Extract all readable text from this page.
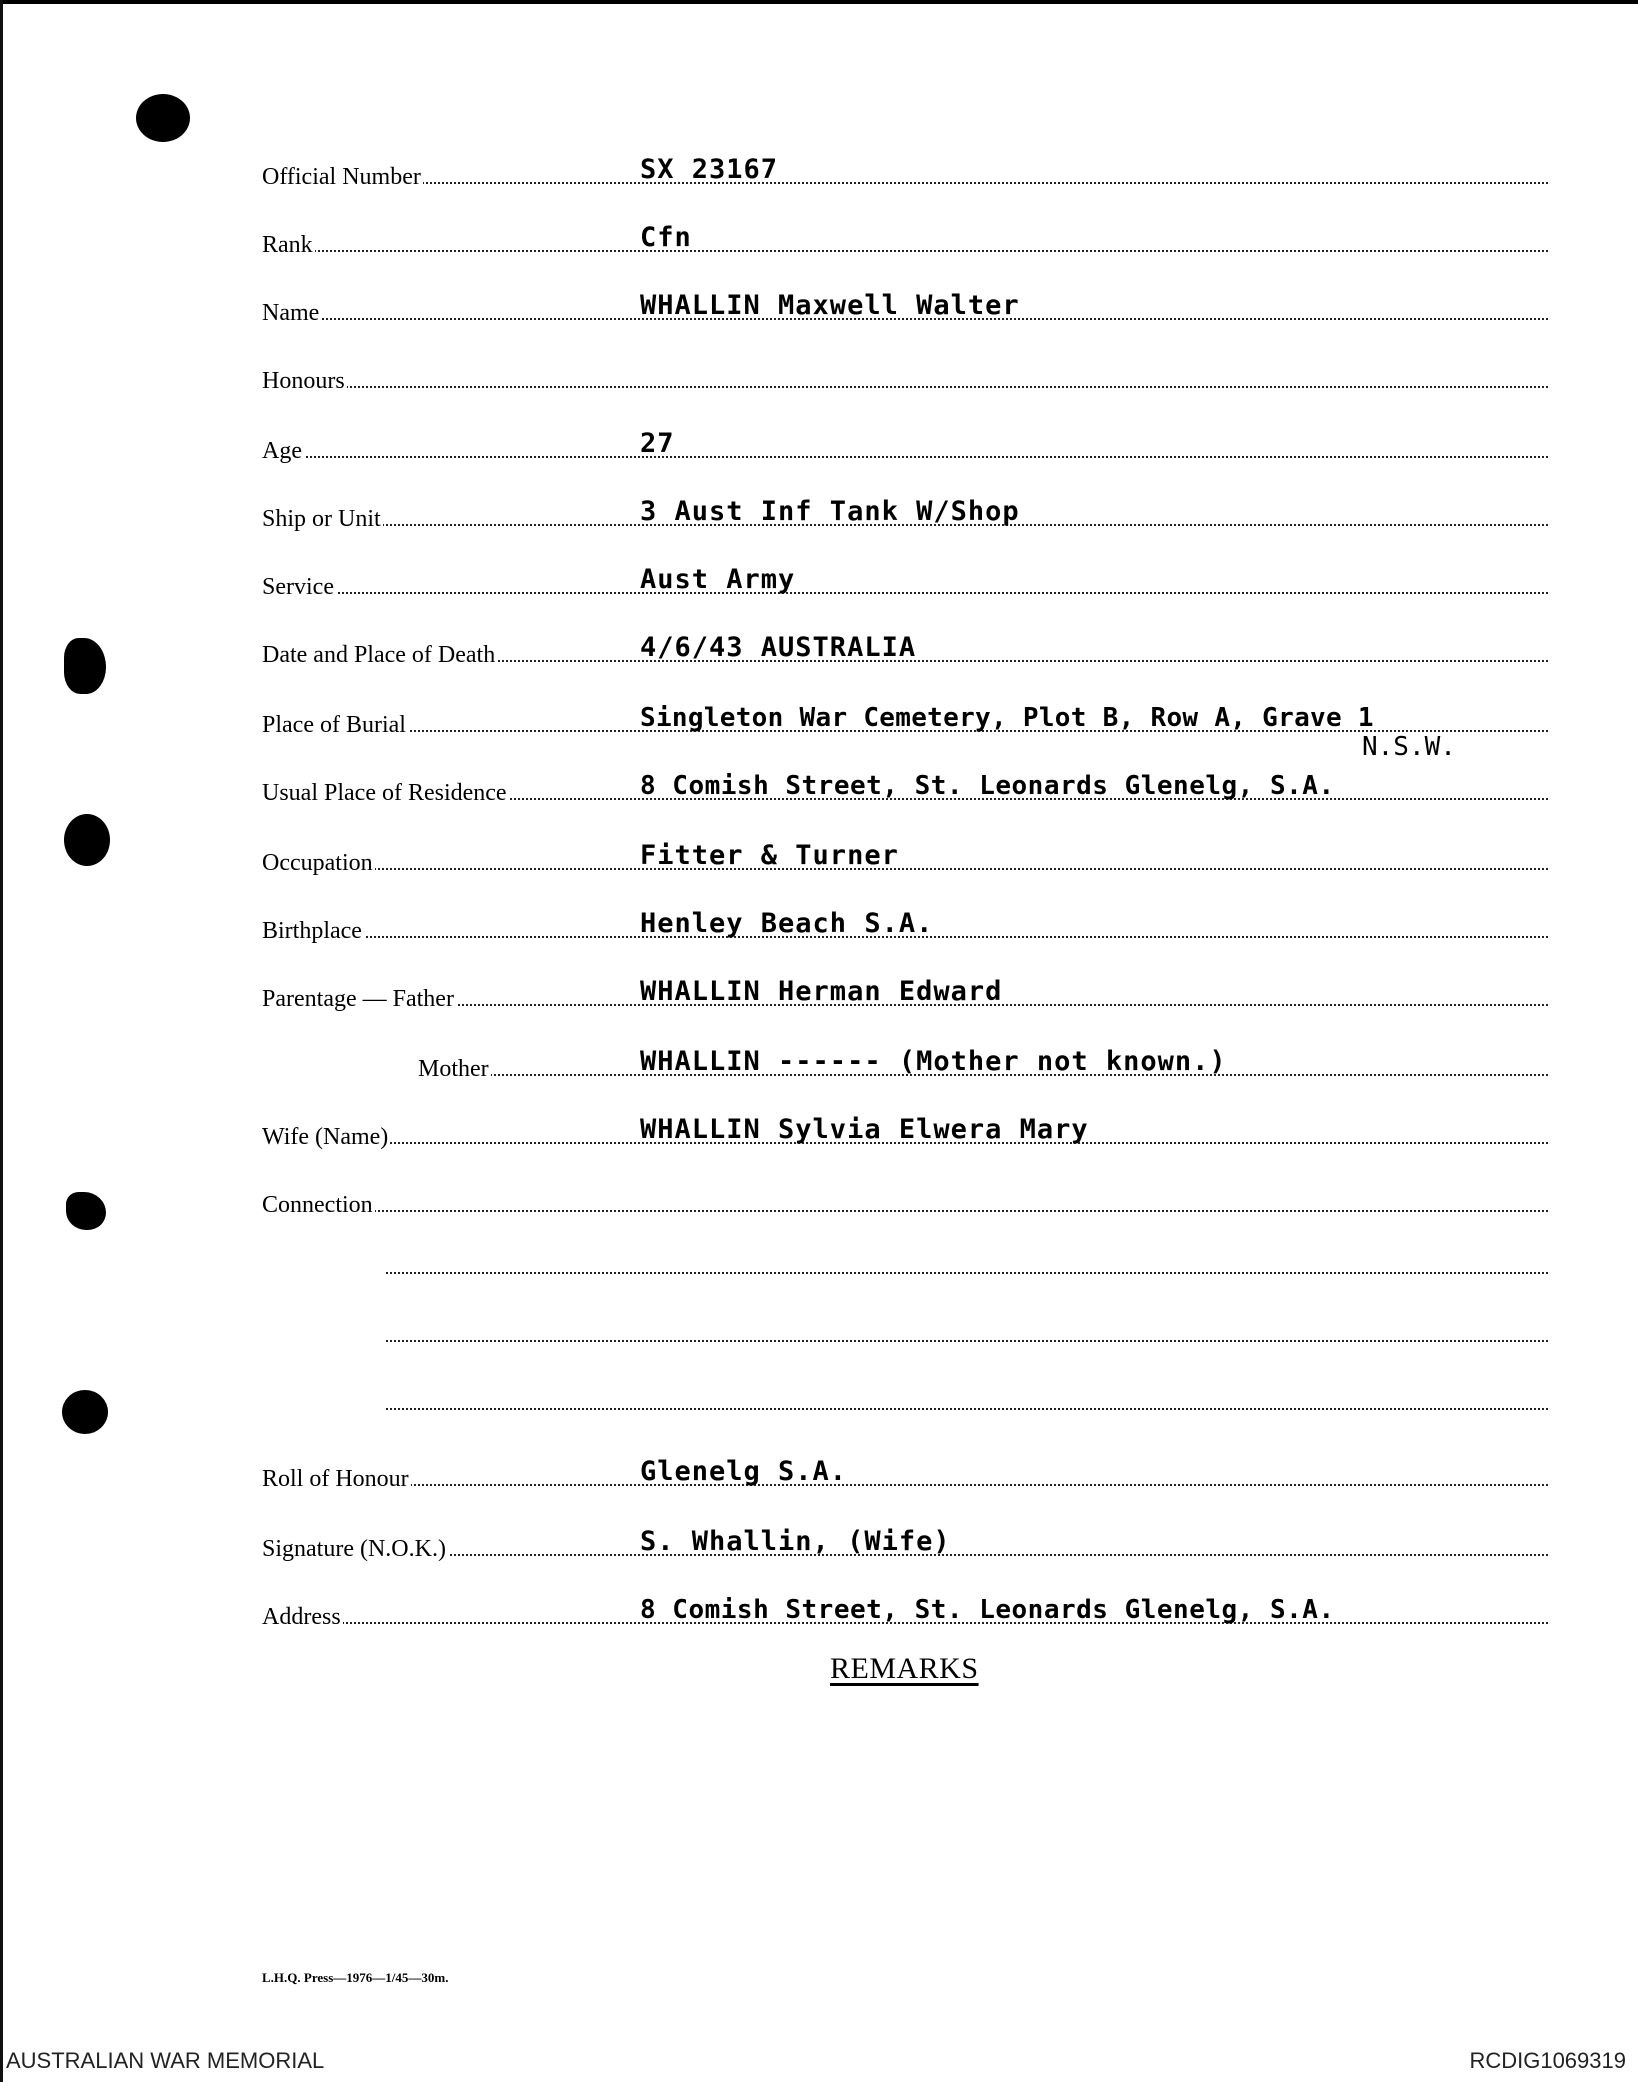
Official Number	SX 23167
Rank	Cfn
Name	WHALLIN Maxwell Walter
Honours
Age	27
Ship or Unit	3 Aust Inf Tank W/Shop
Service	Aust Army
Date and Place of Death	4/6/43 AUSTRALIA
Place of Burial	Singleton War Cemetery, Plot B, Row A, Grave 1
N.S.W.
Usual Place of Residence	8 Comish Street, St. Leonards Glenelg, S.A.
Occupation	Fitter & Turner
Birthplace	Henley Beach S.A.
Parentage — Father	WHALLIN Herman Edward
Mother	WHALLIN ------ (Mother not known.)
Wife (Name)	WHALLIN Sylvia Elwera Mary
Connection
Roll of Honour	Glenelg S.A.
Signature (N.O.K.)	S. Whallin, (Wife)
Address	8 Comish Street, St. Leonards Glenelg, S.A.
REMARKS
L.H.Q. Press—1976—1/45—30m.
AUSTRALIAN WAR MEMORIAL	RCDIG1069319
